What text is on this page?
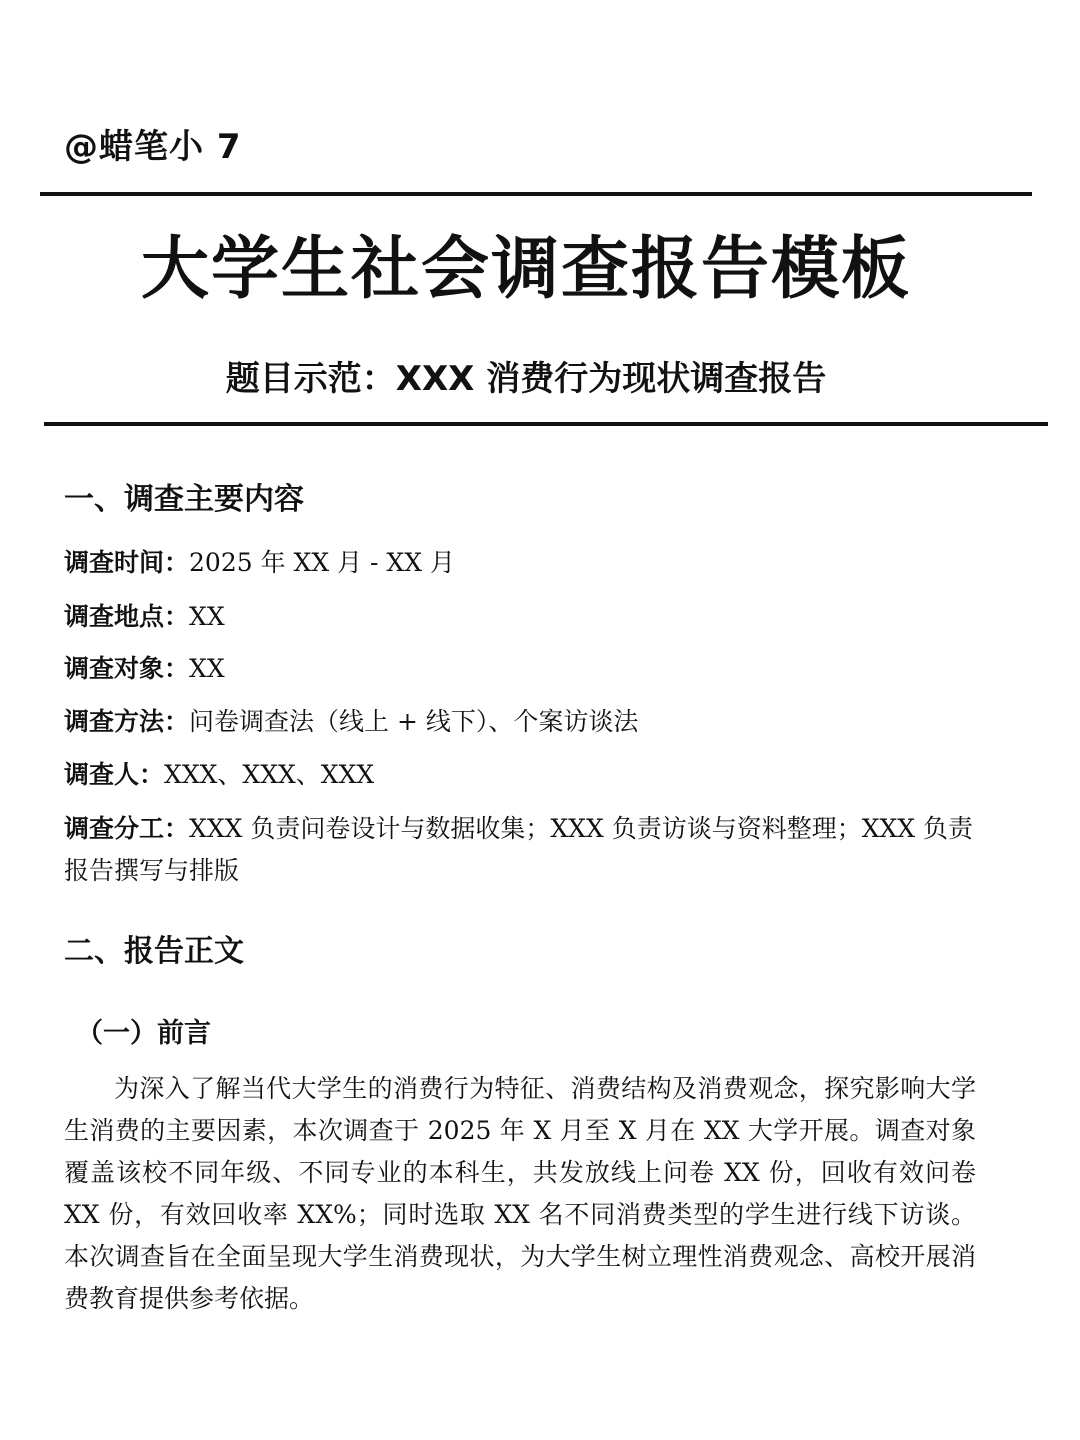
@蜡笔小 7
大学生社会调查报告模板
题目示范：XXX 消费行为现状调查报告
一、调查主要内容
调查时间：2025 年 XX 月 - XX 月
调查地点：XX
调查对象：XX
调查方法：问卷调查法（线上 + 线下）、个案访谈法
调查人：XXX、XXX、XXX
调查分工：XXX 负责问卷设计与数据收集；XXX 负责访谈与资料整理；XXX 负责报告撰写与排版
二、报告正文
（一）前言

为深入了解当代大学生的消费行为特征、消费结构及消费观念，探究影响大学生消费的主要因素，本次调查于 2025 年 X 月至 X 月在 XX 大学开展。调查对象覆盖该校不同年级、不同专业的本科生，共发放线上问卷 XX 份，回收有效问卷 XX 份，有效回收率 XX%；同时选取 XX 名不同消费类型的学生进行线下访谈。本次调查旨在全面呈现大学生消费现状，为大学生树立理性消费观念、高校开展消费教育提供参考依据。
